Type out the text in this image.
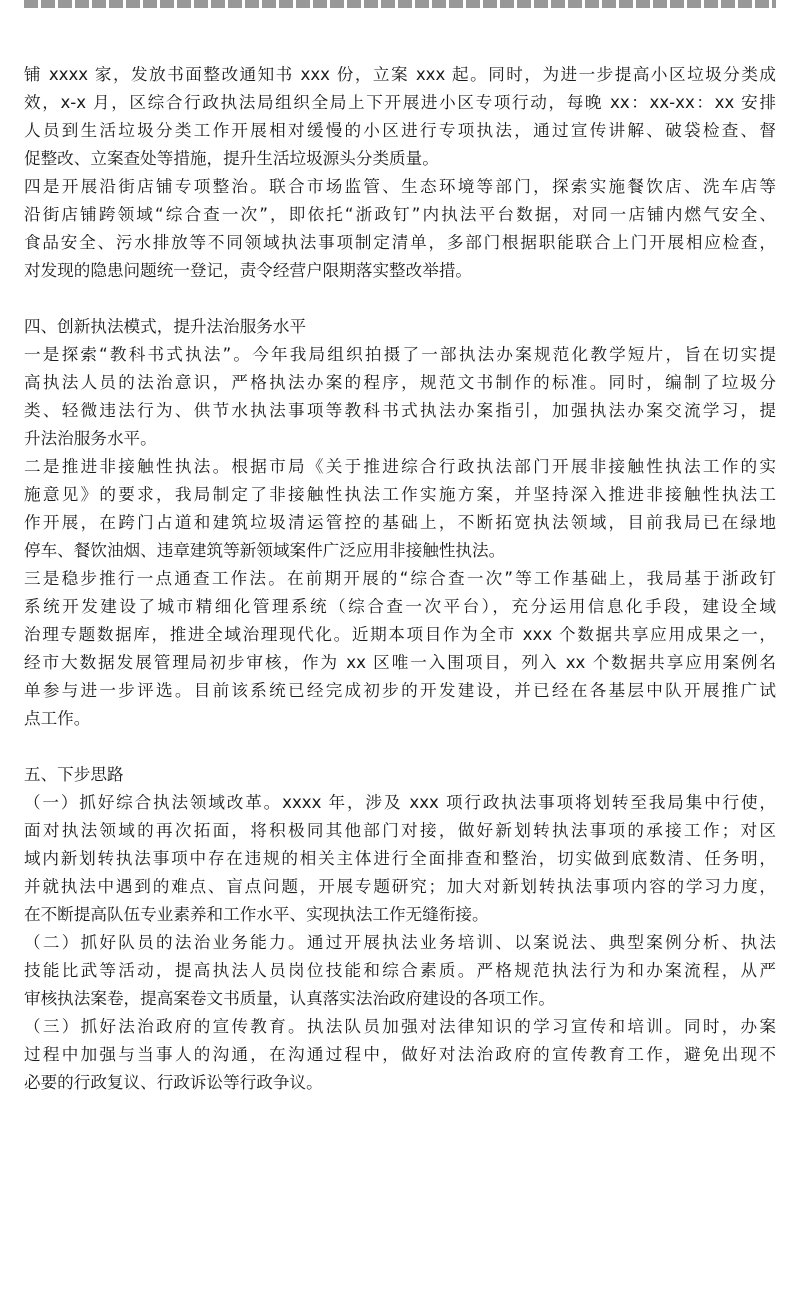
铺 xxxx 家，发放书面整改通知书 xxx 份，立案 xxx 起。同时，为进一步提高小区垃圾分类成
效，x-x 月，区综合行政执法局组织全局上下开展进小区专项行动，每晚 xx：xx-xx：xx 安排
人员到生活垃圾分类工作开展相对缓慢的小区进行专项执法，通过宣传讲解、破袋检查、督
促整改、立案查处等措施，提升生活垃圾源头分类质量。
四是开展沿街店铺专项整治。联合市场监管、生态环境等部门，探索实施餐饮店、洗车店等
沿街店铺跨领域“综合查一次”，即依托“浙政钉”内执法平台数据，对同一店铺内燃气安全、
食品安全、污水排放等不同领域执法事项制定清单，多部门根据职能联合上门开展相应检查，
对发现的隐患问题统一登记，责令经营户限期落实整改举措。
四、创新执法模式，提升法治服务水平
一是探索“教科书式执法”。今年我局组织拍摄了一部执法办案规范化教学短片，旨在切实提
高执法人员的法治意识，严格执法办案的程序，规范文书制作的标准。同时，编制了垃圾分
类、轻微违法行为、供节水执法事项等教科书式执法办案指引，加强执法办案交流学习，提
升法治服务水平。
二是推进非接触性执法。根据市局《关于推进综合行政执法部门开展非接触性执法工作的实
施意见》的要求，我局制定了非接触性执法工作实施方案，并坚持深入推进非接触性执法工
作开展，在跨门占道和建筑垃圾清运管控的基础上，不断拓宽执法领域，目前我局已在绿地
停车、餐饮油烟、违章建筑等新领域案件广泛应用非接触性执法。
三是稳步推行一点通查工作法。在前期开展的“综合查一次”等工作基础上，我局基于浙政钉
系统开发建设了城市精细化管理系统（综合查一次平台），充分运用信息化手段，建设全域
治理专题数据库，推进全域治理现代化。近期本项目作为全市 xxx 个数据共享应用成果之一，
经市大数据发展管理局初步审核，作为 xx 区唯一入围项目，列入 xx 个数据共享应用案例名
单参与进一步评选。目前该系统已经完成初步的开发建设，并已经在各基层中队开展推广试
点工作。
五、下步思路
（一）抓好综合执法领域改革。xxxx 年，涉及 xxx 项行政执法事项将划转至我局集中行使，
面对执法领域的再次拓面，将积极同其他部门对接，做好新划转执法事项的承接工作；对区
域内新划转执法事项中存在违规的相关主体进行全面排查和整治，切实做到底数清、任务明，
并就执法中遇到的难点、盲点问题，开展专题研究；加大对新划转执法事项内容的学习力度，
在不断提高队伍专业素养和工作水平、实现执法工作无缝衔接。
（二）抓好队员的法治业务能力。通过开展执法业务培训、以案说法、典型案例分析、执法
技能比武等活动，提高执法人员岗位技能和综合素质。严格规范执法行为和办案流程，从严
审核执法案卷，提高案卷文书质量，认真落实法治政府建设的各项工作。
（三）抓好法治政府的宣传教育。执法队员加强对法律知识的学习宣传和培训。同时，办案
过程中加强与当事人的沟通，在沟通过程中，做好对法治政府的宣传教育工作，避免出现不
必要的行政复议、行政诉讼等行政争议。
